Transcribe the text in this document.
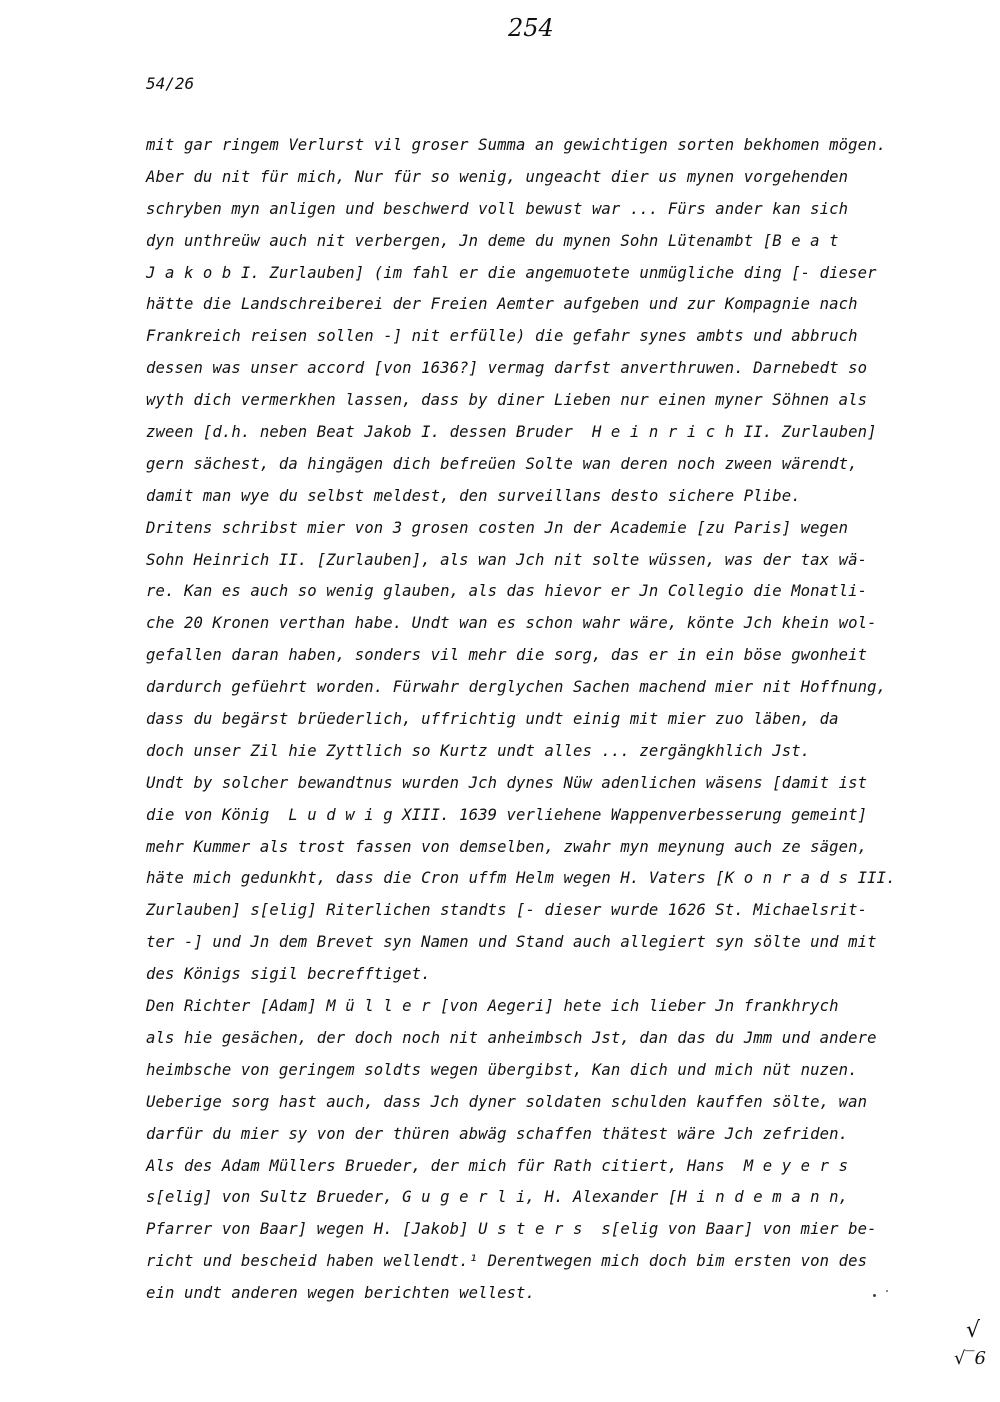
254
54/26
mit gar ringem Verlurst vil groser Summa an gewichtigen sorten bekhomen mögen.
Aber du nit für mich, Nur für so wenig, ungeacht dier us mynen vorgehenden
schryben myn anligen und beschwerd voll bewust war ... Fürs ander kan sich
dyn unthreüw auch nit verbergen, Jn deme du mynen Sohn Lütenambt [B e a t
J a k o b I. Zurlauben] (im fahl er die angemuotete unmügliche ding [- dieser
hätte die Landschreiberei der Freien Aemter aufgeben und zur Kompagnie nach
Frankreich reisen sollen -] nit erfülle) die gefahr synes ambts und abbruch
dessen was unser accord [von 1636?] vermag darfst anverthruwen. Darnebedt so
wyth dich vermerkhen lassen, dass by diner Lieben nur einen myner Söhnen als
zween [d.h. neben Beat Jakob I. dessen Bruder  H e i n r i c h II. Zurlauben]
gern sächest, da hingägen dich befreüen Solte wan deren noch zween wärendt,
damit man wye du selbst meldest, den surveillans desto sichere Plibe.
Dritens schribst mier von 3 grosen costen Jn der Academie [zu Paris] wegen
Sohn Heinrich II. [Zurlauben], als wan Jch nit solte wüssen, was der tax wä-
re. Kan es auch so wenig glauben, als das hievor er Jn Collegio die Monatli-
che 20 Kronen verthan habe. Undt wan es schon wahr wäre, könte Jch khein wol-
gefallen daran haben, sonders vil mehr die sorg, das er in ein böse gwonheit
dardurch gefüehrt worden. Fürwahr derglychen Sachen machend mier nit Hoffnung,
dass du begärst brüederlich, uffrichtig undt einig mit mier zuo läben, da
doch unser Zil hie Zyttlich so Kurtz undt alles ... zergängkhlich Jst.
Undt by solcher bewandtnus wurden Jch dynes Nüw adenlichen wäsens [damit ist
die von König  L u d w i g XIII. 1639 verliehene Wappenverbesserung gemeint]
mehr Kummer als trost fassen von demselben, zwahr myn meynung auch ze sägen,
häte mich gedunkht, dass die Cron uffm Helm wegen H. Vaters [K o n r a d s III.
Zurlauben] s[elig] Riterlichen standts [- dieser wurde 1626 St. Michaelsrit-
ter -] und Jn dem Brevet syn Namen und Stand auch allegiert syn sölte und mit
des Königs sigil becrefftiget.
Den Richter [Adam] M ü l l e r [von Aegeri] hete ich lieber Jn frankhrych
als hie gesächen, der doch noch nit anheimbsch Jst, dan das du Jmm und andere
heimbsche von geringem soldts wegen übergibst, Kan dich und mich nüt nuzen.
Ueberige sorg hast auch, dass Jch dyner soldaten schulden kauffen sölte, wan
darfür du mier sy von der thüren abwäg schaffen thätest wäre Jch zefriden.
Als des Adam Müllers Brueder, der mich für Rath citiert, Hans  M e y e r s
s[elig] von Sultz Brueder, G u g e r l i, H. Alexander [H i n d e m a n n,
Pfarrer von Baar] wegen H. [Jakob] U s t e r s  s[elig von Baar] von mier be-
richt und bescheid haben wellendt.¹ Derentwegen mich doch bim ersten von des
ein undt anderen wegen berichten wellest.
√
√‾6
